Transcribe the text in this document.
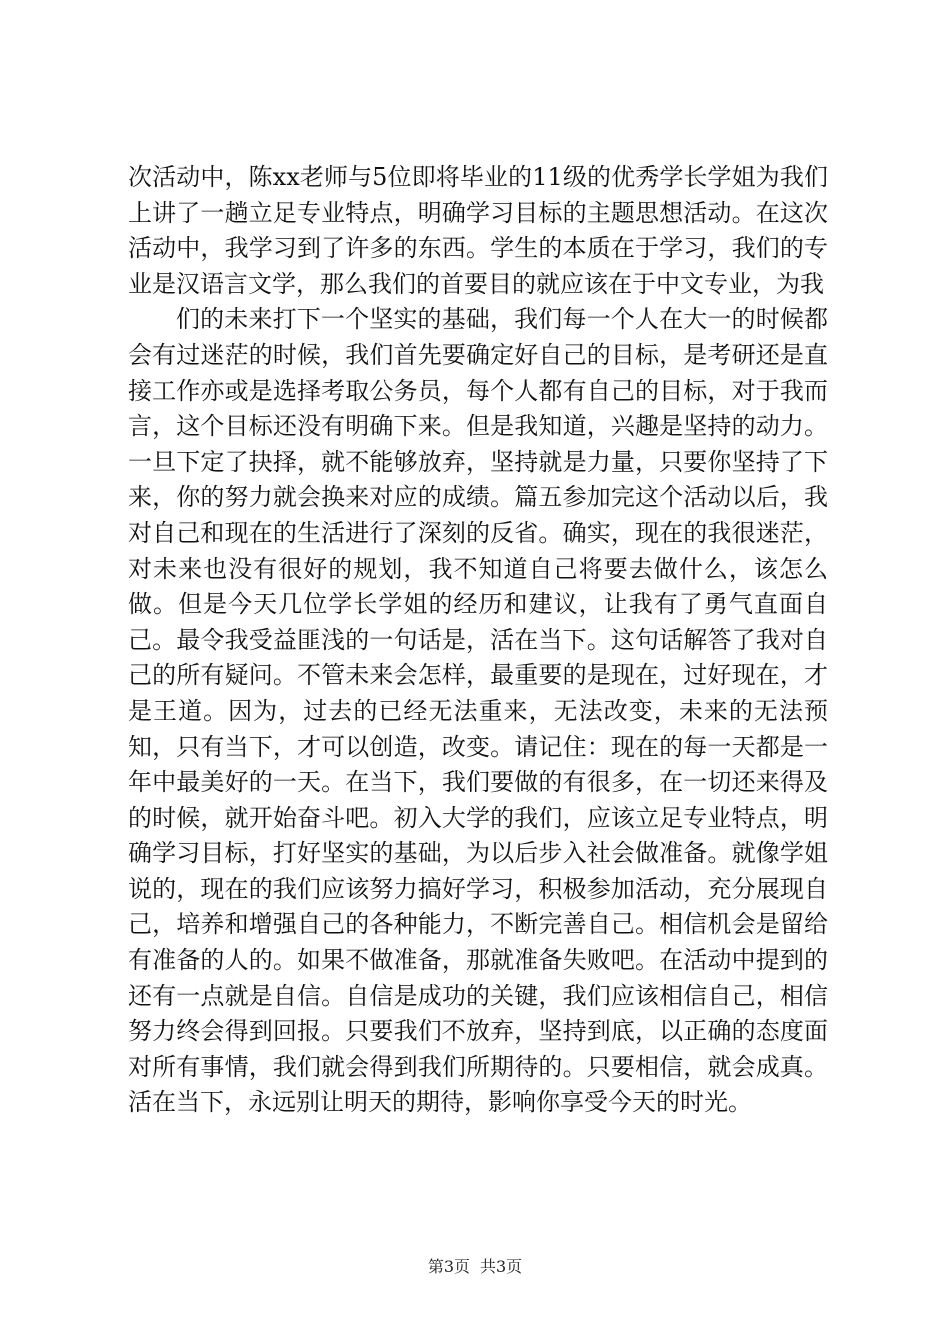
次活动中，陈xx老师与5位即将毕业的11级的优秀学长学姐为我们上讲了一趟立足专业特点，明确学习目标的主题思想活动。在这次活动中，我学习到了许多的东西。学生的本质在于学习，我们的专业是汉语言文学，那么我们的首要目的就应该在于中文专业，为我

们的未来打下一个坚实的基础，我们每一个人在大一的时候都会有过迷茫的时候，我们首先要确定好自己的目标，是考研还是直接工作亦或是选择考取公务员，每个人都有自己的目标，对于我而言，这个目标还没有明确下来。但是我知道，兴趣是坚持的动力。一旦下定了抉择，就不能够放弃，坚持就是力量，只要你坚持了下来，你的努力就会换来对应的成绩。篇五参加完这个活动以后，我对自己和现在的生活进行了深刻的反省。确实，现在的我很迷茫，对未来也没有很好的规划，我不知道自己将要去做什么，该怎么做。但是今天几位学长学姐的经历和建议，让我有了勇气直面自己。最令我受益匪浅的一句话是，活在当下。这句话解答了我对自己的所有疑问。不管未来会怎样，最重要的是现在，过好现在，才是王道。因为，过去的已经无法重来，无法改变，未来的无法预知，只有当下，才可以创造，改变。请记住：现在的每一天都是一年中最美好的一天。在当下，我们要做的有很多，在一切还来得及的时候，就开始奋斗吧。初入大学的我们，应该立足专业特点，明确学习目标，打好坚实的基础，为以后步入社会做准备。就像学姐说的，现在的我们应该努力搞好学习，积极参加活动，充分展现自己，培养和增强自己的各种能力，不断完善自己。相信机会是留给有准备的人的。如果不做准备，那就准备失败吧。在活动中提到的还有一点就是自信。自信是成功的关键，我们应该相信自己，相信努力终会得到回报。只要我们不放弃，坚持到底，以正确的态度面对所有事情，我们就会得到我们所期待的。只要相信，就会成真。活在当下，永远别让明天的期待，影响你享受今天的时光。

第3页 共3页
